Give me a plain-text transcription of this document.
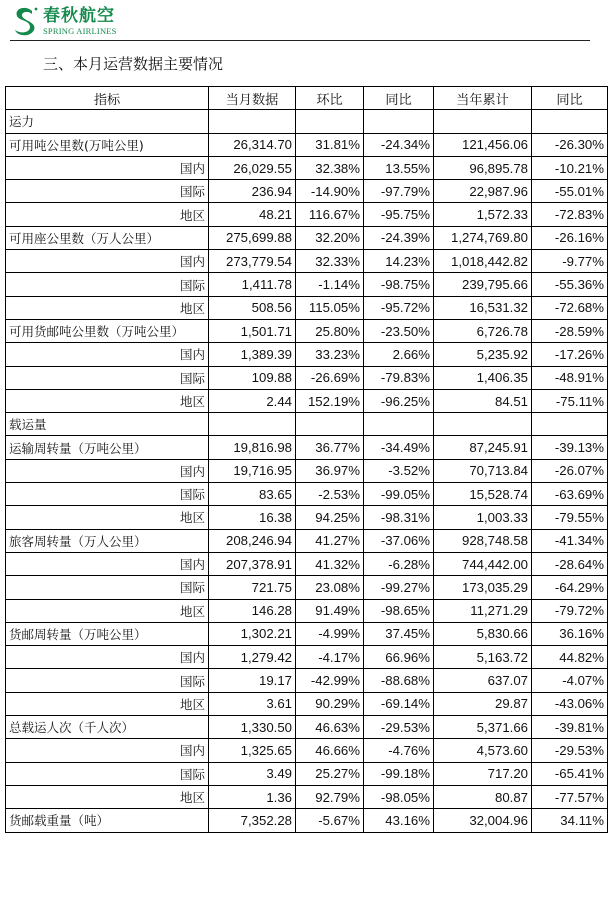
春秋航空
SPRING AIRLINES
三、本月运营数据主要情况
指标	当月数据	环比	同比	当年累计	同比
运力					
可用吨公里数(万吨公里)	26,314.70	31.81%	-24.34%	121,456.06	-26.30%
国内	26,029.55	32.38%	13.55%	96,895.78	-10.21%
国际	236.94	-14.90%	-97.79%	22,987.96	-55.01%
地区	48.21	116.67%	-95.75%	1,572.33	-72.83%
可用座公里数（万人公里）	275,699.88	32.20%	-24.39%	1,274,769.80	-26.16%
国内	273,779.54	32.33%	14.23%	1,018,442.82	-9.77%
国际	1,411.78	-1.14%	-98.75%	239,795.66	-55.36%
地区	508.56	115.05%	-95.72%	16,531.32	-72.68%
可用货邮吨公里数（万吨公里）	1,501.71	25.80%	-23.50%	6,726.78	-28.59%
国内	1,389.39	33.23%	2.66%	5,235.92	-17.26%
国际	109.88	-26.69%	-79.83%	1,406.35	-48.91%
地区	2.44	152.19%	-96.25%	84.51	-75.11%
载运量					
运输周转量（万吨公里）	19,816.98	36.77%	-34.49%	87,245.91	-39.13%
国内	19,716.95	36.97%	-3.52%	70,713.84	-26.07%
国际	83.65	-2.53%	-99.05%	15,528.74	-63.69%
地区	16.38	94.25%	-98.31%	1,003.33	-79.55%
旅客周转量（万人公里）	208,246.94	41.27%	-37.06%	928,748.58	-41.34%
国内	207,378.91	41.32%	-6.28%	744,442.00	-28.64%
国际	721.75	23.08%	-99.27%	173,035.29	-64.29%
地区	146.28	91.49%	-98.65%	11,271.29	-79.72%
货邮周转量（万吨公里）	1,302.21	-4.99%	37.45%	5,830.66	36.16%
国内	1,279.42	-4.17%	66.96%	5,163.72	44.82%
国际	19.17	-42.99%	-88.68%	637.07	-4.07%
地区	3.61	90.29%	-69.14%	29.87	-43.06%
总载运人次（千人次）	1,330.50	46.63%	-29.53%	5,371.66	-39.81%
国内	1,325.65	46.66%	-4.76%	4,573.60	-29.53%
国际	3.49	25.27%	-99.18%	717.20	-65.41%
地区	1.36	92.79%	-98.05%	80.87	-77.57%
货邮载重量（吨）	7,352.28	-5.67%	43.16%	32,004.96	34.11%
